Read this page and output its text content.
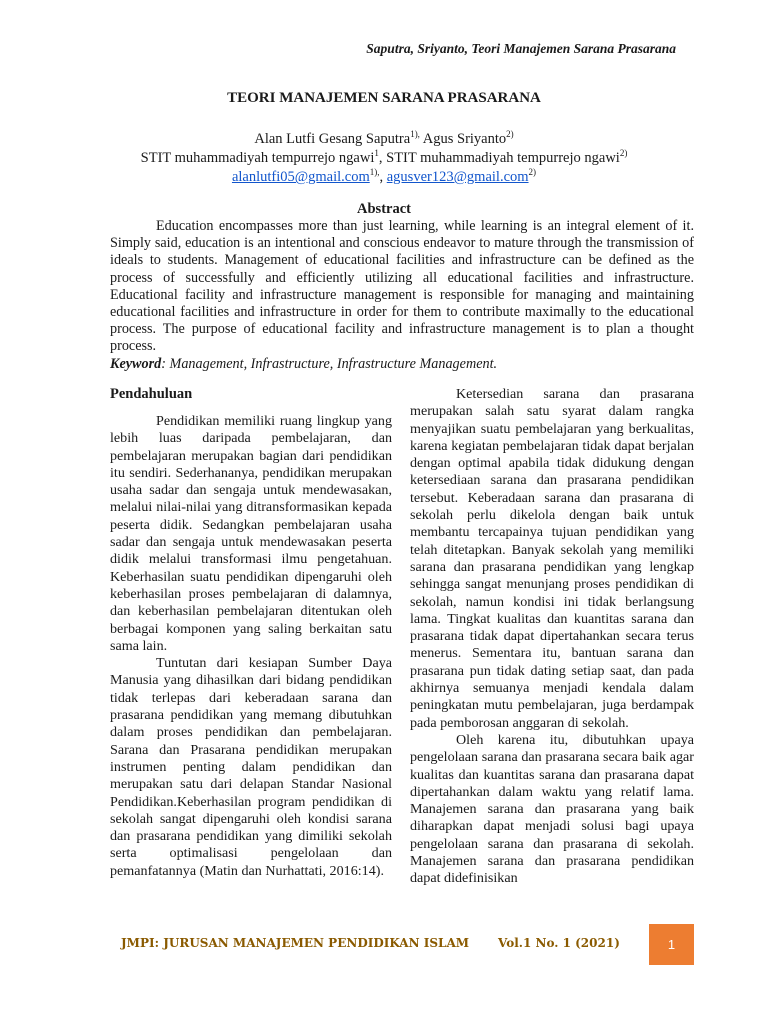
Saputra, Sriyanto, Teori Manajemen Sarana Prasarana
TEORI MANAJEMEN SARANA PRASARANA
Alan Lutfi Gesang Saputra$^{1),}$ Agus Sriyanto$^{2)}$
STIT muhammadiyah tempurrejo ngawi$^1$, STIT muhammadiyah tempurrejo ngawi$^{2)}$
alanlutfi05@gmail.com$^{1),}$, agusver123@gmail.com$^{2)}$
Abstract

Education encompasses more than just learning, while learning is an integral element of it. Simply said, education is an intentional and conscious endeavor to mature through the transmission of ideals to students. Management of educational facilities and infrastructure can be defined as the process of successfully and efficiently utilizing all educational facilities and infrastructure. Educational facility and infrastructure management is responsible for managing and maintaining educational facilities and infrastructure in order for them to contribute maximally to the educational process. The purpose of educational facility and infrastructure management is to plan a thought process.

Keyword: Management, Infrastructure, Infrastructure Management.

Pendahuluan

Pendidikan memiliki ruang lingkup yang lebih luas daripada pembelajaran, dan pembelajaran merupakan bagian dari pendidikan itu sendiri. Sederhananya, pendidikan merupakan usaha sadar dan sengaja untuk mendewasakan, melalui nilai-nilai yang ditransformasikan kepada peserta didik. Sedangkan pembelajaran usaha sadar dan sengaja untuk mendewasakan peserta didik melalui transformasi ilmu pengetahuan. Keberhasilan suatu pendidikan dipengaruhi oleh keberhasilan proses pembelajaran di dalamnya, dan keberhasilan pembelajaran ditentukan oleh berbagai komponen yang saling berkaitan satu sama lain.

Tuntutan dari kesiapan Sumber Daya Manusia yang dihasilkan dari bidang pendidikan tidak terlepas dari keberadaan sarana dan prasarana pendidikan yang memang dibutuhkan dalam proses pendidikan dan pembelajaran. Sarana dan Prasarana pendidikan merupakan instrumen penting dalam pendidikan dan merupakan satu dari delapan Standar Nasional Pendidikan.Keberhasilan program pendidikan di sekolah sangat dipengaruhi oleh kondisi sarana dan prasarana pendidikan yang dimiliki sekolah serta optimalisasi pengelolaan dan pemanfatannya (Matin dan Nurhattati, 2016:14).

Ketersedian sarana dan prasarana merupakan salah satu syarat dalam rangka menyajikan suatu pembelajaran yang berkualitas, karena kegiatan pembelajaran tidak dapat berjalan dengan optimal apabila tidak didukung dengan ketersediaan sarana dan prasarana pendidikan tersebut. Keberadaan sarana dan prasarana di sekolah perlu dikelola dengan baik untuk membantu tercapainya tujuan pendidikan yang telah ditetapkan. Banyak sekolah yang memiliki sarana dan prasarana pendidikan yang lengkap sehingga sangat menunjang proses pendidikan di sekolah, namun kondisi ini tidak berlangsung lama. Tingkat kualitas dan kuantitas sarana dan prasarana tidak dapat dipertahankan secara terus menerus. Sementara itu, bantuan sarana dan prasarana pun tidak dating setiap saat, dan pada akhirnya semuanya menjadi kendala dalam peningkatan mutu pembelajaran, juga berdampak pada pemborosan anggaran di sekolah.

Oleh karena itu, dibutuhkan upaya pengelolaan sarana dan prasarana secara baik agar kualitas dan kuantitas sarana dan prasarana dapat dipertahankan dalam waktu yang relatif lama. Manajemen sarana dan prasarana yang baik diharapkan dapat menjadi solusi bagi upaya pengelolaan sarana dan prasarana di sekolah. Manajemen sarana dan prasarana pendidikan dapat didefinisikan

JMPI: JURUSAN MANAJEMEN PENDIDIKAN ISLAM Vol.1 No. 1 (2021)	1
